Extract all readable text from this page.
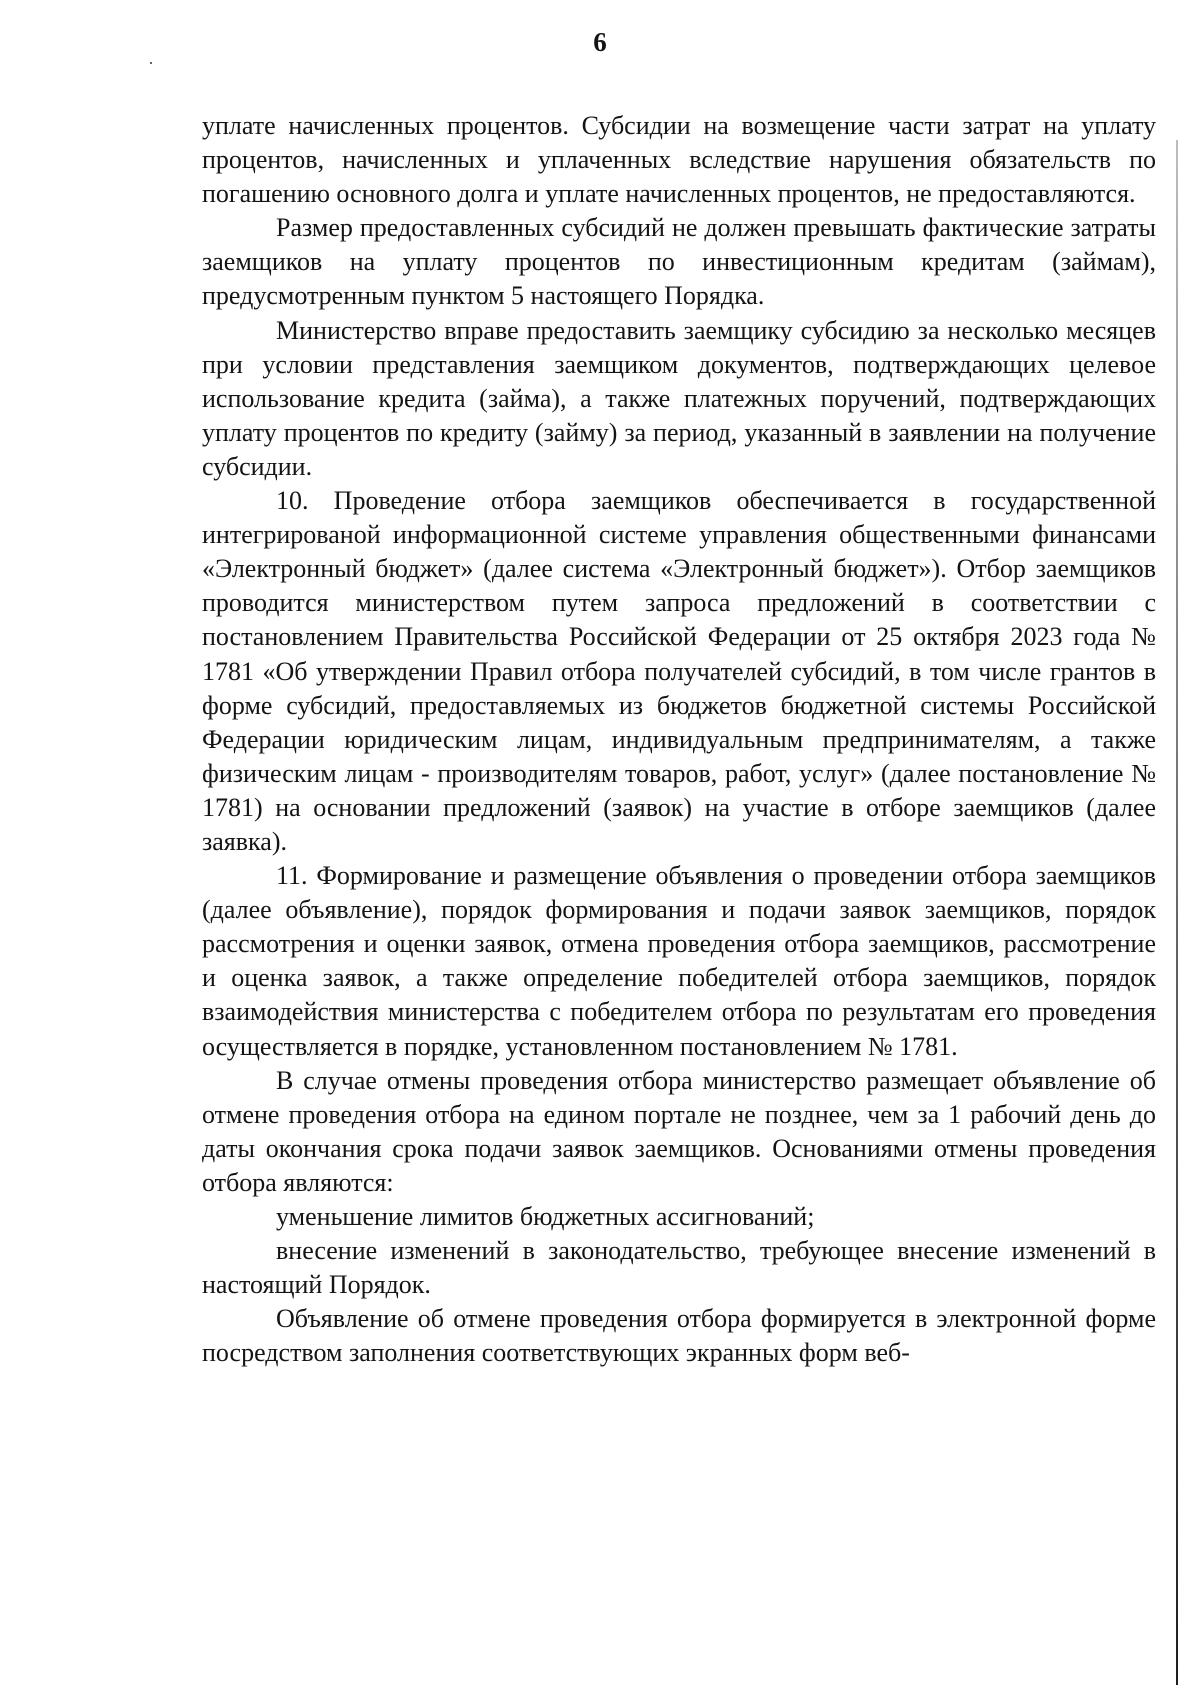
6

уплате начисленных процентов. Субсидии на возмещение части затрат на уплату процентов, начисленных и уплаченных вследствие нарушения обязательств по погашению основного долга и уплате начисленных процентов, не предоставляются.

Размер предоставленных субсидий не должен превышать фактические затраты заемщиков на уплату процентов по инвестиционным кредитам (займам), предусмотренным пунктом 5 настоящего Порядка.

Министерство вправе предоставить заемщику субсидию за несколько месяцев при условии представления заемщиком документов, подтверждающих целевое использование кредита (займа), а также платежных поручений, подтверждающих уплату процентов по кредиту (займу) за период, указанный в заявлении на получение субсидии.

10. Проведение отбора заемщиков обеспечивается в государственной интегрированой информационной системе управления общественными финансами «Электронный бюджет» (далее система «Электронный бюджет»). Отбор заемщиков проводится министерством путем запроса предложений в соответствии с постановлением Правительства Российской Федерации от 25 октября 2023 года № 1781 «Об утверждении Правил отбора получателей субсидий, в том числе грантов в форме субсидий, предоставляемых из бюджетов бюджетной системы Российской Федерации юридическим лицам, индивидуальным предпринимателям, а также физическим лицам - производителям товаров, работ, услуг» (далее постановление № 1781) на основании предложений (заявок) на участие в отборе заемщиков (далее заявка).

11. Формирование и размещение объявления о проведении отбора заемщиков (далее объявление), порядок формирования и подачи заявок заемщиков, порядок рассмотрения и оценки заявок, отмена проведения отбора заемщиков, рассмотрение и оценка заявок, а также определение победителей отбора заемщиков, порядок взаимодействия министерства с победителем отбора по результатам его проведения осуществляется в порядке, установленном постановлением № 1781.

В случае отмены проведения отбора министерство размещает объявление об отмене проведения отбора на едином портале не позднее, чем за 1 рабочий день до даты окончания срока подачи заявок заемщиков. Основаниями отмены проведения отбора являются:

уменьшение лимитов бюджетных ассигнований;

внесение изменений в законодательство, требующее внесение изменений в настоящий Порядок.

Объявление об отмене проведения отбора формируется в электронной форме посредством заполнения соответствующих экранных форм веб-
